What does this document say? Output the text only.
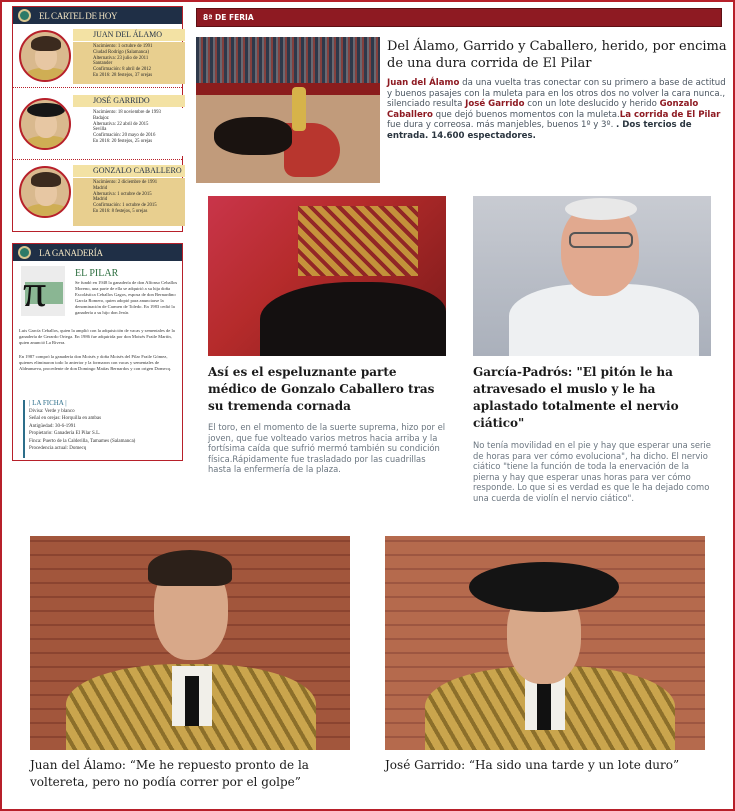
EL CARTEL DE HOY
JUAN DEL ÁLAMO
Nacimiento: 1 octubre de 1991
Ciudad Rodrigo (Salamanca)
Alternativa: 23 julio de 2011
Santander
Confirmación: 8 abril de 2012
En 2016: 28 festejos, 37 orejas
JOSÉ GARRIDO
Nacimiento: 18 noviembre de 1993
Badajoz
Alternativa: 22 abril de 2015
Sevilla
Confirmación: 20 mayo de 2016
En 2016: 20 festejos, 25 orejas
GONZALO CABALLERO
Nacimiento: 2 diciembre de 1991
Madrid
Alternativa: 1 octubre de 2015
Madrid
Confirmación: 1 octubre de 2015
En 2016: 8 festejos, 5 orejas
LA GANADERÍA
π	EL PILAR
Se fundó en 1948 la ganadería de don Alfonso Ceballos Moreno, una parte de ella se adquirió a su hija doña Escolástica Ceballos Gagos, esposa de don Bernardino García Romero, quien adoptó para anunciarse la denominación de Carmen de Toledo. En 1983 cedió la ganadería a su hijo don Jesús
Luis García Ceballos, quien la amplió con la adquisición de vacas y sementales de la ganadería de Gerardo Ortega. En 1986 fue adquirida por don Moisés Fraile Martín, quien anunció La Rivera.
En 1987 compró la ganadería don Moisés y doña Moisés del Pilar Fraile Gómez, quienes eliminaron todo lo anterior y la formaron con vacas y sementales de Aldeanueva, procedente de don Domingo Matías Bernardos y con origen Domecq.
| LA FICHA |
Divisa: Verde y blanco
Señal en orejas: Horquilla en ambas
Antigüedad: 30-6-1991
Propietario: Ganadería El Pilar S.L.
Finca: Puerto de la Calderilla, Tamames (Salamanca)
Procedencia actual: Domecq
8ª DE FERIA
Del Álamo, Garrido y Caballero, herido, por encima de una dura corrida de El Pilar
Juan del Álamo da una vuelta tras conectar con su primero a base de actitud y buenos pasajes con la muleta para en los otros dos no volver la cara nunca., silenciado resulta José Garrido con un lote deslucido y herido Gonzalo Caballero que dejó buenos momentos con la muleta.La corrida de El Pilar fue dura y correosa. más manjebles, buenos 1º y 3º. . Dos tercios de entrada. 14.600 espectadores.
Así es el espeluznante parte médico de Gonzalo Caballero tras su tremenda cornada
El toro, en el momento de la suerte suprema, hizo por el joven, que fue volteado varios metros hacia arriba y la fortísima caída que sufrió mermó también su condición física.Rápidamente fue trasladado por las cuadrillas hasta la enfermería de la plaza.
García-Padrós: "El pitón le ha atravesado el muslo y le ha aplastado totalmente el nervio ciático"
No tenía movilidad en el pie y hay que esperar una serie de horas para ver cómo evoluciona", ha dicho. El nervio ciático "tiene la función de toda la enervación de la pierna y hay que esperar unas horas para ver cómo responde. Lo que si es verdad es que le ha dejado como una cuerda de violín el nervio ciático".
Juan del Álamo: “Me he repuesto pronto de la voltereta, pero no podía correr por el golpe”
José Garrido: “Ha sido una tarde y un lote duro”
